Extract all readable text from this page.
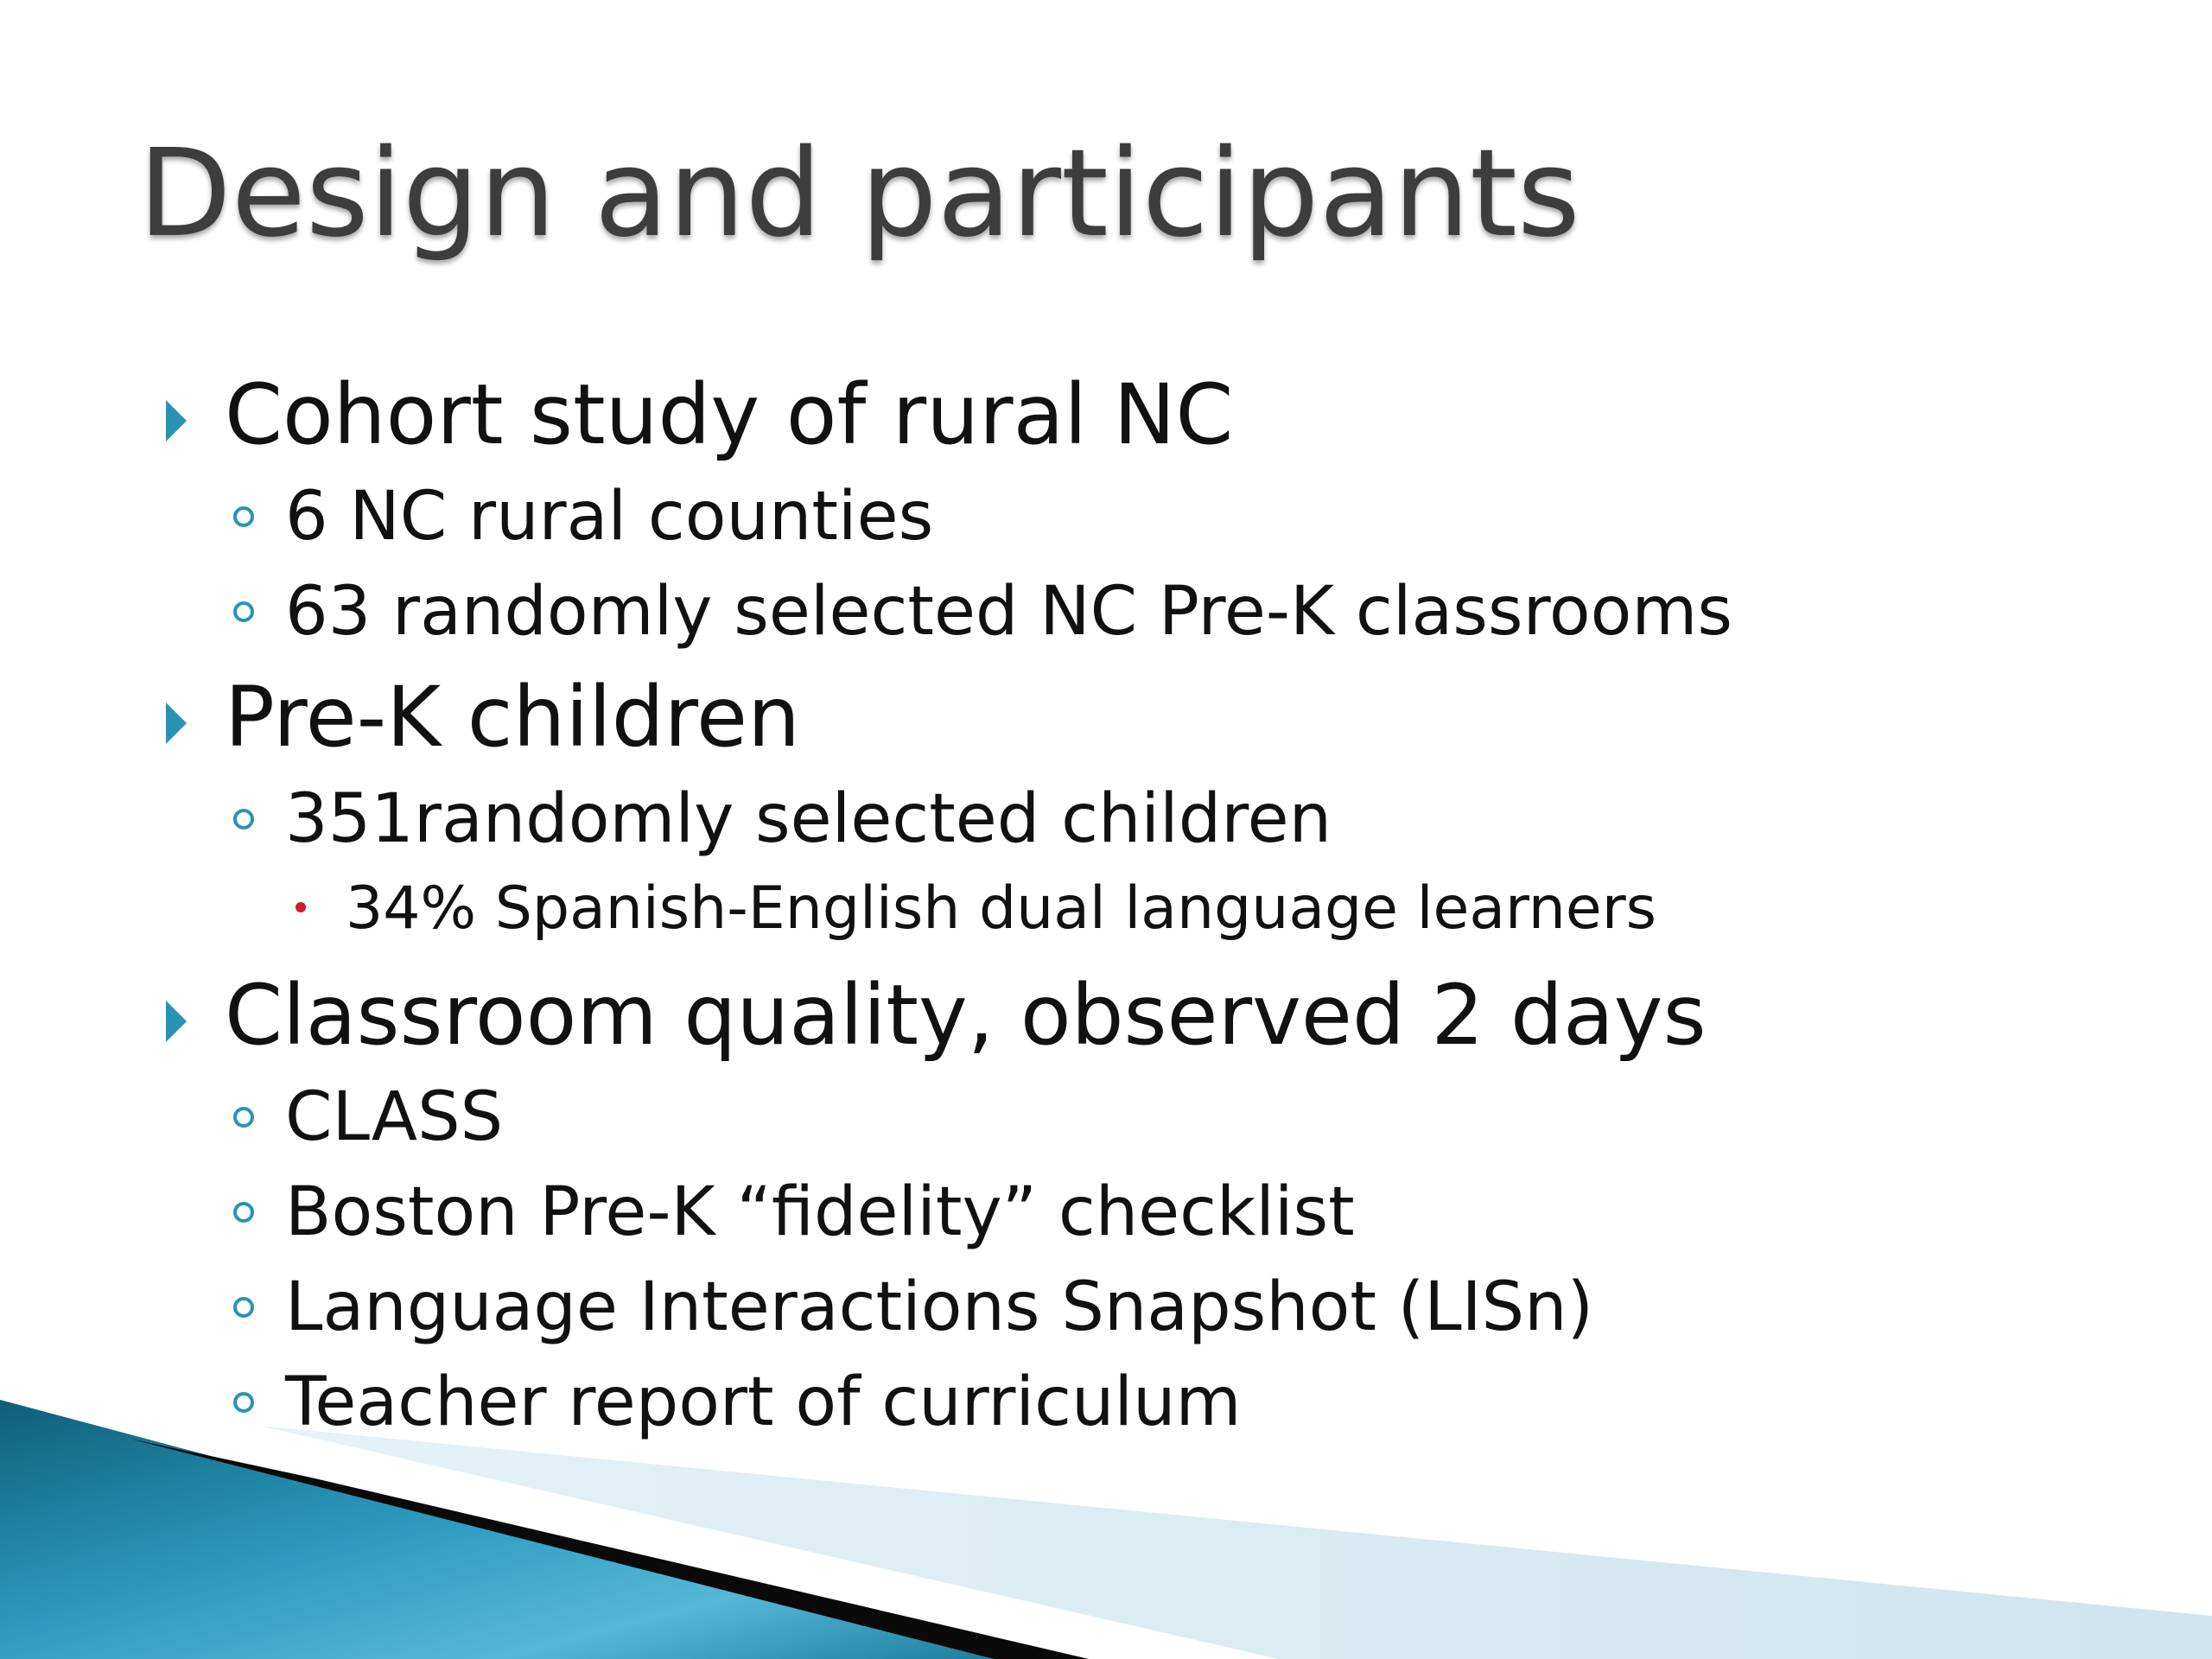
Design and participants
Cohort study of rural NC
6 NC rural counties
63 randomly selected NC Pre-K classrooms
Pre-K children
351randomly selected children
34% Spanish-English dual language learners
Classroom quality, observed 2 days
CLASS
Boston Pre-K “fidelity” checklist
Language Interactions Snapshot (LISn)
Teacher report of curriculum
